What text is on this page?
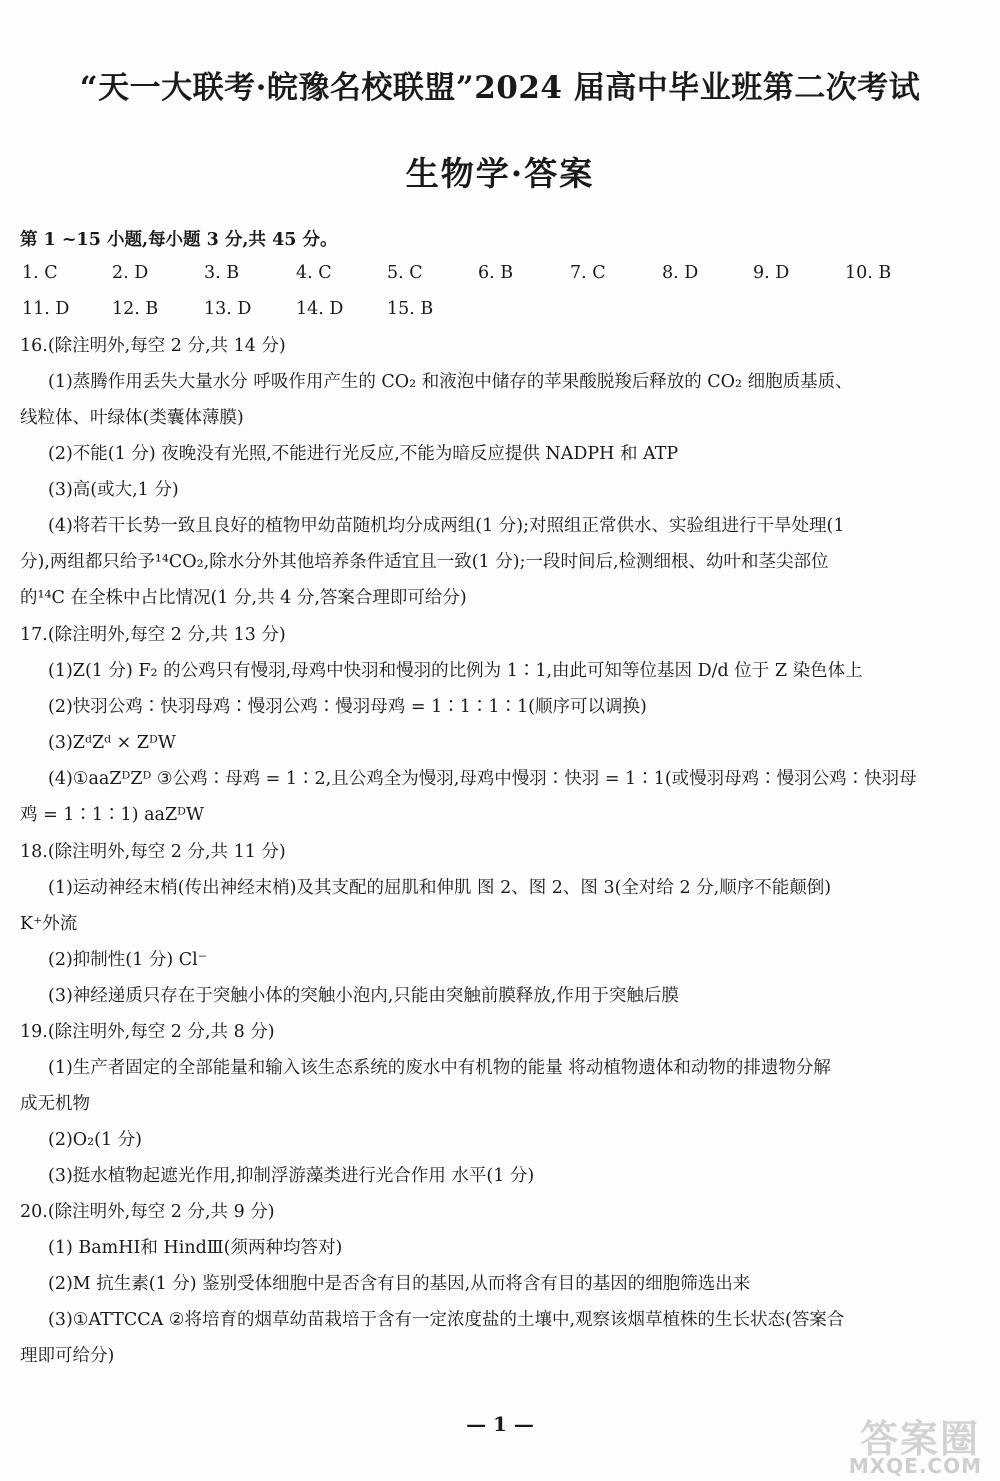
“天一大联考·皖豫名校联盟”2024 届高中毕业班第二次考试
生物学·答案
第 1 ~15 小题,每小题 3 分,共 45 分。
1. C	2. D	3. B	4. C	5. C	6. B	7. C	8. D	9. D	10. B
11. D 12. B	13. D	14. D 15. B
16.(除注明外,每空 2 分,共 14 分)
(1)蒸腾作用丢失大量水分 呼吸作用产生的 CO₂ 和液泡中储存的苹果酸脱羧后释放的 CO₂ 细胞质基质、
线粒体、叶绿体(类囊体薄膜)
(2)不能(1 分) 夜晚没有光照,不能进行光反应,不能为暗反应提供 NADPH 和 ATP
(3)高(或大,1 分)
(4)将若干长势一致且良好的植物甲幼苗随机均分成两组(1 分);对照组正常供水、实验组进行干旱处理(1
分),两组都只给予¹⁴CO₂,除水分外其他培养条件适宜且一致(1 分);一段时间后,检测细根、幼叶和茎尖部位
的¹⁴C 在全株中占比情况(1 分,共 4 分,答案合理即可给分)
17.(除注明外,每空 2 分,共 13 分)
(1)Z(1 分) F₂ 的公鸡只有慢羽,母鸡中快羽和慢羽的比例为 1∶1,由此可知等位基因 D/d 位于 Z 染色体上
(2)快羽公鸡∶快羽母鸡∶慢羽公鸡∶慢羽母鸡 = 1∶1∶1∶1(顺序可以调换)
(3)ZᵈZᵈ × ZᴰW
(4)①aaZᴰZᴰ ③公鸡∶母鸡 = 1∶2,且公鸡全为慢羽,母鸡中慢羽∶快羽 = 1∶1(或慢羽母鸡∶慢羽公鸡∶快羽母
鸡 = 1∶1∶1) aaZᴰW
18.(除注明外,每空 2 分,共 11 分)
(1)运动神经末梢(传出神经末梢)及其支配的屈肌和伸肌 图 2、图 2、图 3(全对给 2 分,顺序不能颠倒)
K⁺外流
(2)抑制性(1 分) Cl⁻
(3)神经递质只存在于突触小体的突触小泡内,只能由突触前膜释放,作用于突触后膜
19.(除注明外,每空 2 分,共 8 分)
(1)生产者固定的全部能量和输入该生态系统的废水中有机物的能量 将动植物遗体和动物的排遗物分解
成无机物
(2)O₂(1 分)
(3)挺水植物起遮光作用,抑制浮游藻类进行光合作用 水平(1 分)
20.(除注明外,每空 2 分,共 9 分)
(1) BamHⅠ和 HindⅢ(须两种均答对)
(2)M 抗生素(1 分) 鉴别受体细胞中是否含有目的基因,从而将含有目的基因的细胞筛选出来
(3)①ATTCCA ②将培育的烟草幼苗栽培于含有一定浓度盐的土壤中,观察该烟草植株的生长状态(答案合
理即可给分)
— 1 —	答案圈
MXQE.COM
